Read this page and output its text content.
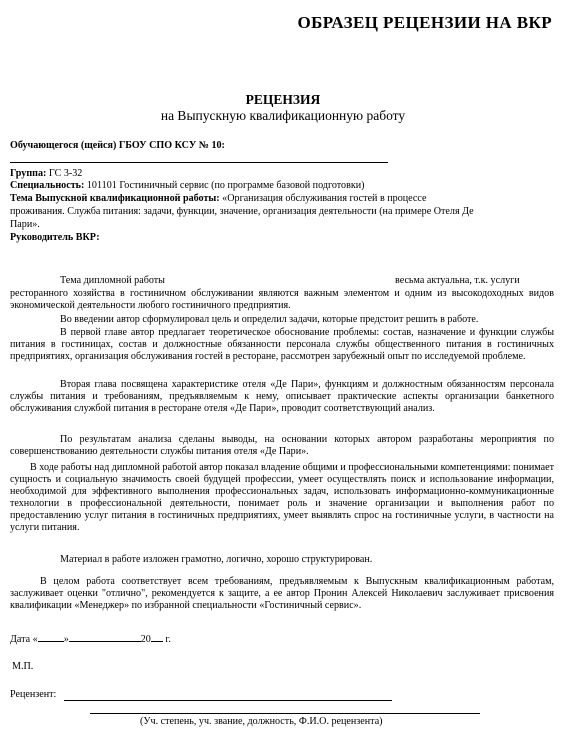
ОБРАЗЕЦ РЕЦЕНЗИИ НА ВКР
РЕЦЕНЗИЯ
на Выпускную квалификационную работу
Обучающегося (щейся) ГБОУ СПО КСУ № 10:
Группа: ГС 3-32
Специальность: 101101 Гостиничный сервис (по программе базовой подготовки)
Тема Выпускной квалификационной работы: «Организация обслуживания гостей в процессе
проживания. Служба питания: задачи, функции, значение, организация деятельности (на примере Отеля Де
Пари».
Руководитель ВКР:
Тема дипломной работы	весьма актуальна, т.к. услуги
ресторанного хозяйства в гостиничном обслуживании являются важным элементом и одним из высокодоходных видов экономической деятельности любого гостиничного предприятия.
Во введении автор сформулировал цель и определил задачи, которые предстоит решить в работе.
В первой главе автор предлагает теоретическое обоснование проблемы: состав, назначение и функции службы питания в гостиницах, состав и должностные обязанности персонала службы общественного питания в гостиничных предприятиях, организация обслуживания гостей в ресторане, рассмотрен зарубежный опыт по исследуемой проблеме.
Вторая глава посвящена характеристике отеля «Де Пари», функциям и должностным обязанностям персонала службы питания и требованиям, предъявляемым к нему, описывает практические аспекты организации банкетного обслуживания службой питания в ресторане отеля «Де Пари», проводит соответствующий анализ.
По результатам анализа сделаны выводы, на основании которых автором разработаны мероприятия по совершенствованию деятельности службы питания отеля «Де Пари».
В ходе работы над дипломной работой автор показал владение общими и профессиональными компетенциями: понимает сущность и социальную значимость своей будущей профессии, умеет осуществлять поиск и использование информации, необходимой для эффективного выполнения профессиональных задач, использовать информационно-коммуникационные технологии в профессиональной деятельности, понимает роль и значение организации и выполнения работ по предоставлению услуг питания в гостиничных предприятиях, умеет выявлять спрос на гостиничные услуги, в частности на услуги питания.
Материал в работе изложен грамотно, логично, хорошо структурирован.
В целом работа соответствует всем требованиям, предъявляемым к Выпускным квалификационным работам, заслуживает оценки "отлично", рекомендуется к защите, а ее автор Пронин Алексей Николаевич заслуживает присвоения квалификации «Менеджер» по избранной специальности «Гостиничный сервис».
Дата «	»	20 г.
М.П.
Рецензент:
(Уч. степень, уч. звание, должность, Ф.И.О. рецензента)
